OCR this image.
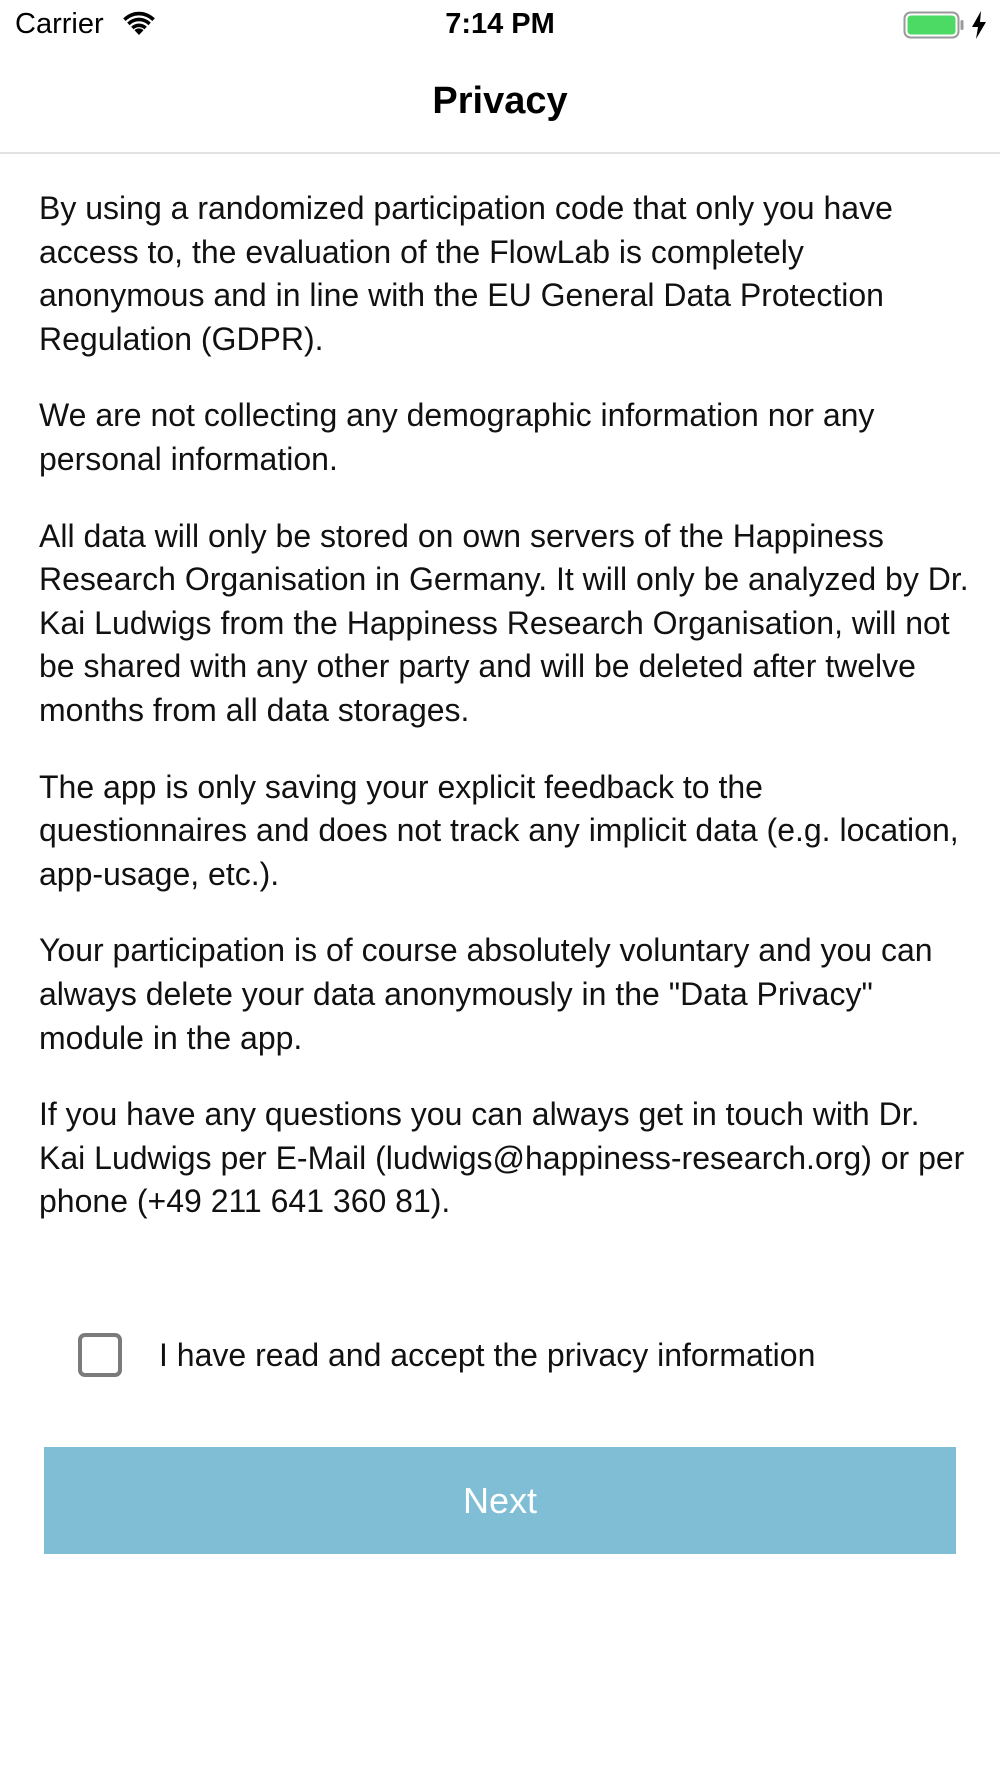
Carrier	7:14 PM
Privacy

By using a randomized participation code that only you have access to, the evaluation of the FlowLab is completely anonymous and in line with the EU General Data Protection Regulation (GDPR).

We are not collecting any demographic information nor any personal information.

All data will only be stored on own servers of the Happiness Research Organisation in Germany. It will only be analyzed by Dr. Kai Ludwigs from the Happiness Research Organisation, will not be shared with any other party and will be deleted after twelve months from all data storages.

The app is only saving your explicit feedback to the questionnaires and does not track any implicit data (e.g. location, app-usage, etc.).

Your participation is of course absolutely voluntary and you can always delete your data anonymously in the "Data Privacy" module in the app.

If you have any questions you can always get in touch with Dr. Kai Ludwigs per E-Mail (ludwigs@happiness-research.org) or per phone (+49 211 641 360 81).

I have read and accept the privacy information
Next
